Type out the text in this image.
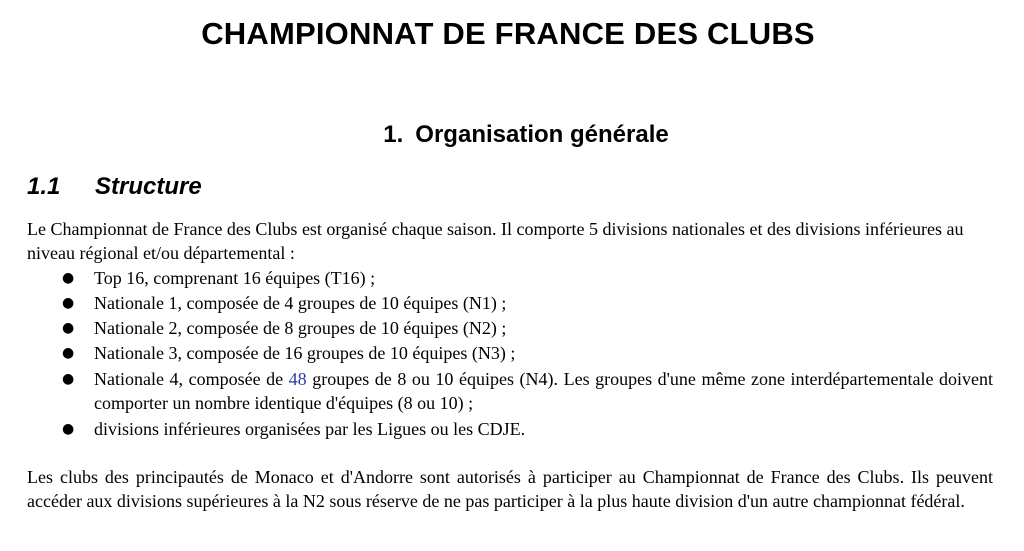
CHAMPIONNAT DE FRANCE DES CLUBS
1. Organisation générale
1.1 Structure

Le Championnat de France des Clubs est organisé chaque saison. Il comporte 5 divisions nationales et des divisions inférieures au niveau régional et/ou départemental :

● Top 16, comprenant 16 équipes (T16) ;
● Nationale 1, composée de 4 groupes de 10 équipes (N1) ;
● Nationale 2, composée de 8 groupes de 10 équipes (N2) ;
● Nationale 3, composée de 16 groupes de 10 équipes (N3) ;
● Nationale 4, composée de 48 groupes de 8 ou 10 équipes (N4). Les groupes d'une même zone interdépartementale doivent comporter un nombre identique d'équipes (8 ou 10) ;
● divisions inférieures organisées par les Ligues ou les CDJE.

Les clubs des principautés de Monaco et d'Andorre sont autorisés à participer au Championnat de France des Clubs. Ils peuvent accéder aux divisions supérieures à la N2 sous réserve de ne pas participer à la plus haute division d'un autre championnat fédéral.
